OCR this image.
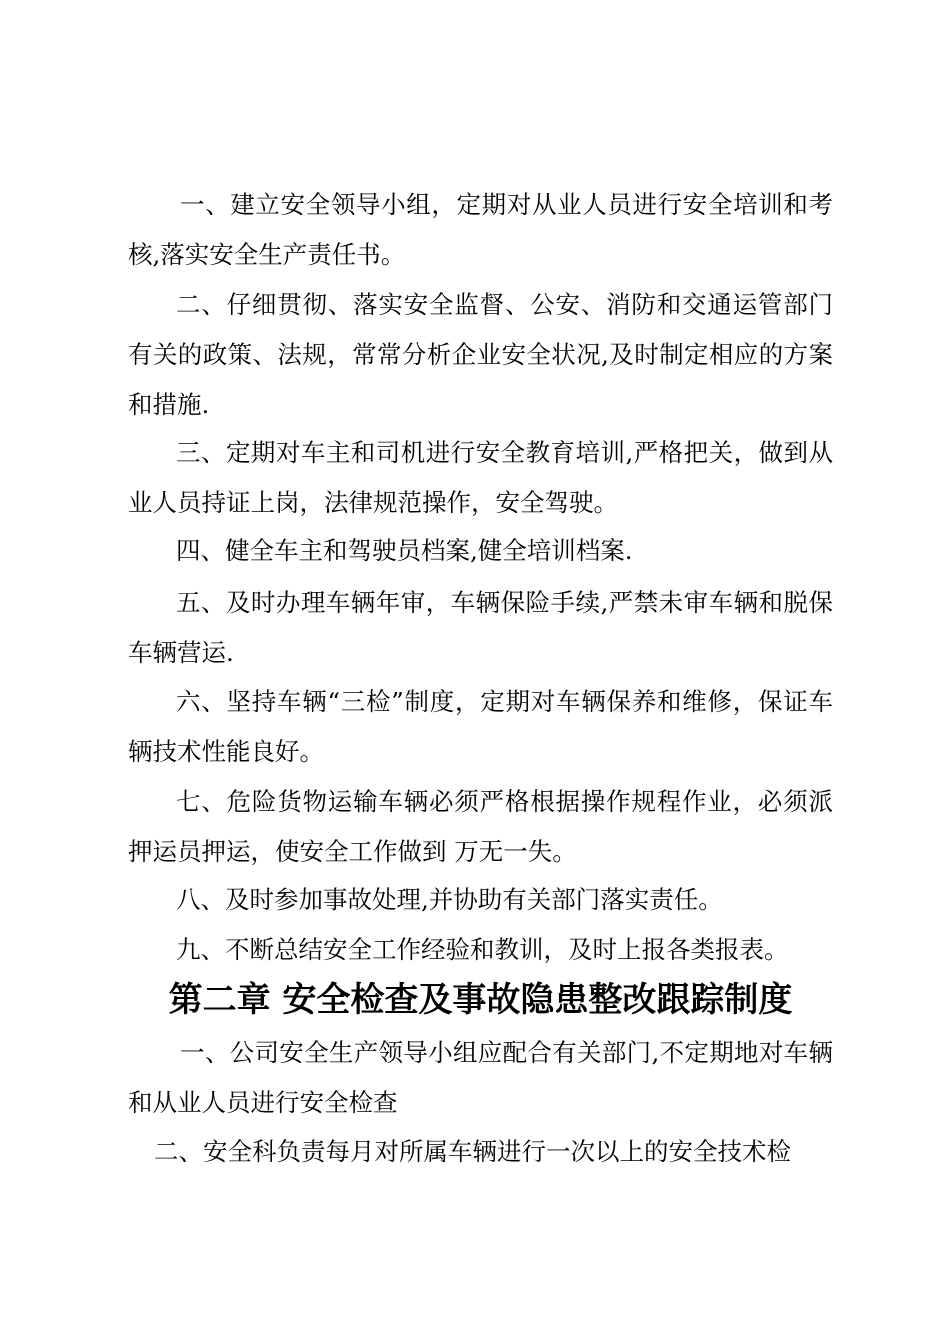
一、建立安全领导小组，定期对从业人员进行安全培训和考核,落实安全生产责任书。

二、仔细贯彻、落实安全监督、公安、消防和交通运管部门有关的政策、法规，常常分析企业安全状况,及时制定相应的方案和措施.

三、定期对车主和司机进行安全教育培训,严格把关，做到从业人员持证上岗，法律规范操作，安全驾驶。

四、健全车主和驾驶员档案,健全培训档案.

五、及时办理车辆年审，车辆保险手续,严禁未审车辆和脱保车辆营运.

六、坚持车辆“三检”制度，定期对车辆保养和维修，保证车辆技术性能良好。

七、危险货物运输车辆必须严格根据操作规程作业，必须派押运员押运，使安全工作做到 万无一失。

八、及时参加事故处理,并协助有关部门落实责任。

九、不断总结安全工作经验和教训，及时上报各类报表。

第二章 安全检查及事故隐患整改跟踪制度

一、公司安全生产领导小组应配合有关部门,不定期地对车辆和从业人员进行安全检查

二、安全科负责每月对所属车辆进行一次以上的安全技术检
